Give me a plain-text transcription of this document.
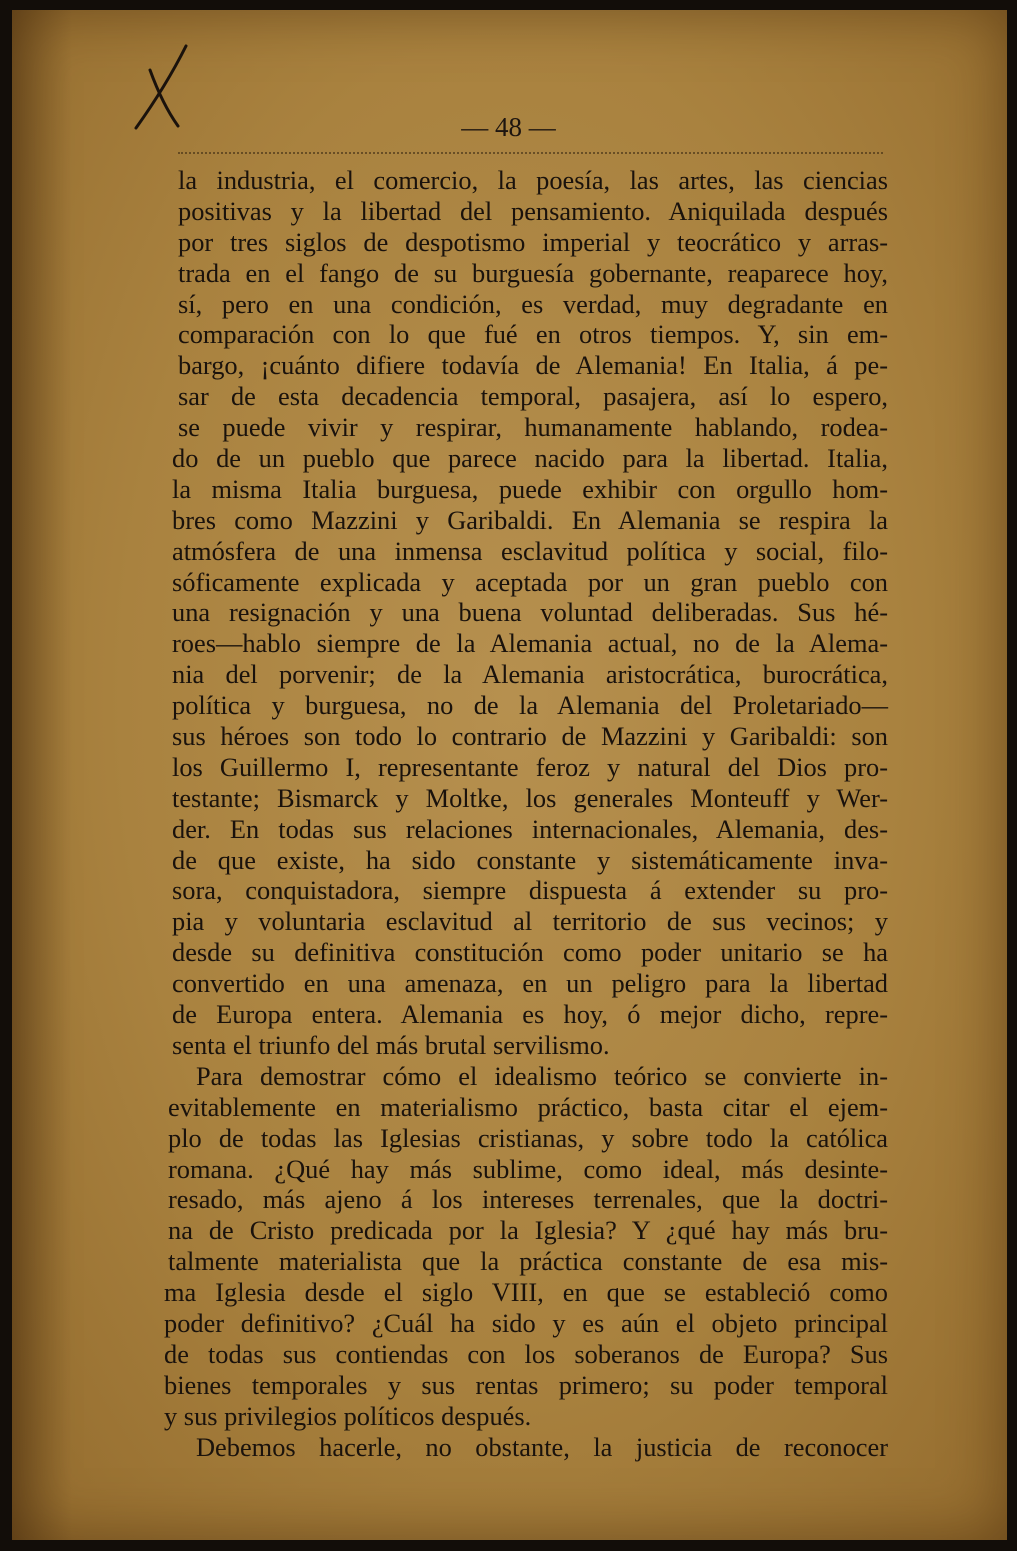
— 48 —
la industria, el comercio, la poesía, las artes, las ciencias
positivas y la libertad del pensamiento. Aniquilada después
por tres siglos de despotismo imperial y teocrático y arras-
trada en el fango de su burguesía gobernante, reaparece hoy,
sí, pero en una condición, es verdad, muy degradante en
comparación con lo que fué en otros tiempos. Y, sin em-
bargo, ¡cuánto difiere todavía de Alemania! En Italia, á pe-
sar de esta decadencia temporal, pasajera, así lo espero,
se puede vivir y respirar, humanamente hablando, rodea-
do de un pueblo que parece nacido para la libertad. Italia,
la misma Italia burguesa, puede exhibir con orgullo hom-
bres como Mazzini y Garibaldi. En Alemania se respira la
atmósfera de una inmensa esclavitud política y social, filo-
sóficamente explicada y aceptada por un gran pueblo con
una resignación y una buena voluntad deliberadas. Sus hé-
roes—hablo siempre de la Alemania actual, no de la Alema-
nia del porvenir; de la Alemania aristocrática, burocrática,
política y burguesa, no de la Alemania del Proletariado—
sus héroes son todo lo contrario de Mazzini y Garibaldi: son
los Guillermo I, representante feroz y natural del Dios pro-
testante; Bismarck y Moltke, los generales Monteuff y Wer-
der. En todas sus relaciones internacionales, Alemania, des-
de que existe, ha sido constante y sistemáticamente inva-
sora, conquistadora, siempre dispuesta á extender su pro-
pia y voluntaria esclavitud al territorio de sus vecinos; y
desde su definitiva constitución como poder unitario se ha
convertido en una amenaza, en un peligro para la libertad
de Europa entera. Alemania es hoy, ó mejor dicho, repre-
senta el triunfo del más brutal servilismo.
Para demostrar cómo el idealismo teórico se convierte in-
evitablemente en materialismo práctico, basta citar el ejem-
plo de todas las Iglesias cristianas, y sobre todo la católica
romana. ¿Qué hay más sublime, como ideal, más desinte-
resado, más ajeno á los intereses terrenales, que la doctri-
na de Cristo predicada por la Iglesia? Y ¿qué hay más bru-
talmente materialista que la práctica constante de esa mis-
ma Iglesia desde el siglo VIII, en que se estableció como
poder definitivo? ¿Cuál ha sido y es aún el objeto principal
de todas sus contiendas con los soberanos de Europa? Sus
bienes temporales y sus rentas primero; su poder temporal
y sus privilegios políticos después.
Debemos hacerle, no obstante, la justicia de reconocer
